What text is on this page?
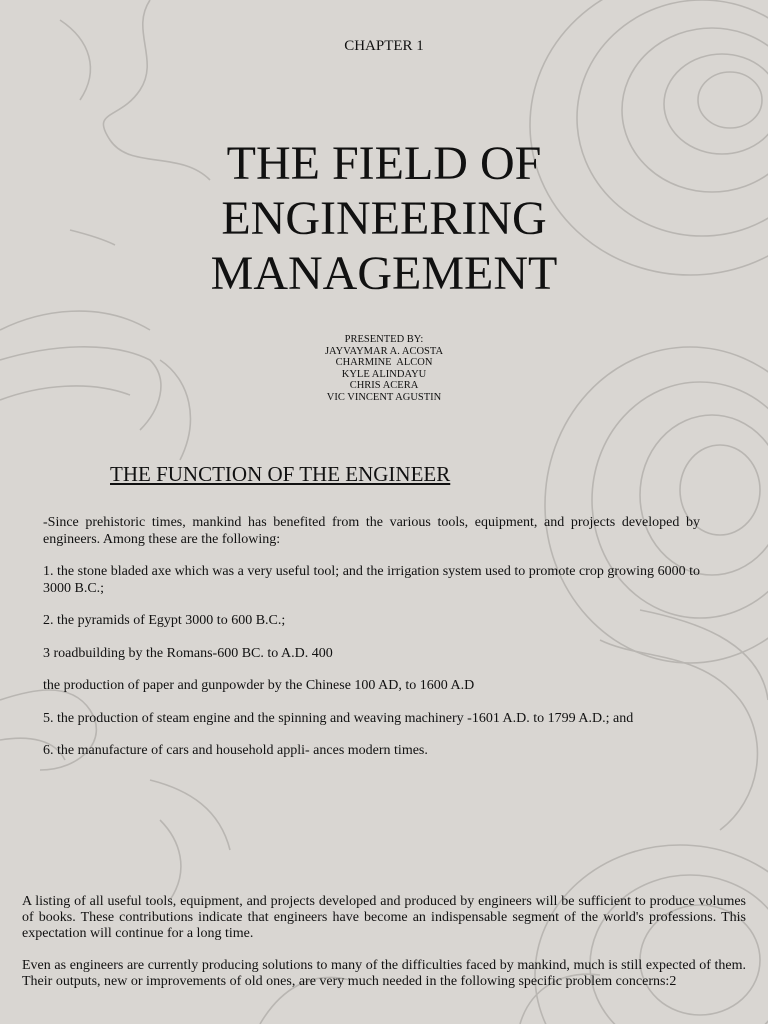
CHAPTER 1
THE FIELD OF
ENGINEERING
MANAGEMENT
PRESENTED BY:
JAYVAYMAR A. ACOSTA
CHARMINE  ALCON
KYLE ALINDAYU
CHRIS ACERA
VIC VINCENT AGUSTIN
THE FUNCTION OF THE ENGINEER

-Since prehistoric times, mankind has benefited from the various tools, equipment, and projects developed by engineers. Among these are the following:

1. the stone bladed axe which was a very useful tool; and the irrigation system used to promote crop growing 6000 to 3000 B.C.;

2. the pyramids of Egypt 3000 to 600 B.C.;

3 roadbuilding by the Romans-600 BC. to A.D. 400

the production of paper and gunpowder by the Chinese 100 AD, to 1600 A.D

5. the production of steam engine and the spinning and weaving machinery -1601 A.D. to 1799 A.D.; and

6. the manufacture of cars and household appli- ances modern times.

A listing of all useful tools, equipment, and projects developed and produced by engineers will be sufficient to produce volumes of books. These contributions indicate that engineers have become an indispensable segment of the world's professions. This expectation will continue for a long time.

Even as engineers are currently producing solutions to many of the difficulties faced by mankind, much is still expected of them. Their outputs, new or improvements of old ones, are very much needed in the following specific problem concerns:2
